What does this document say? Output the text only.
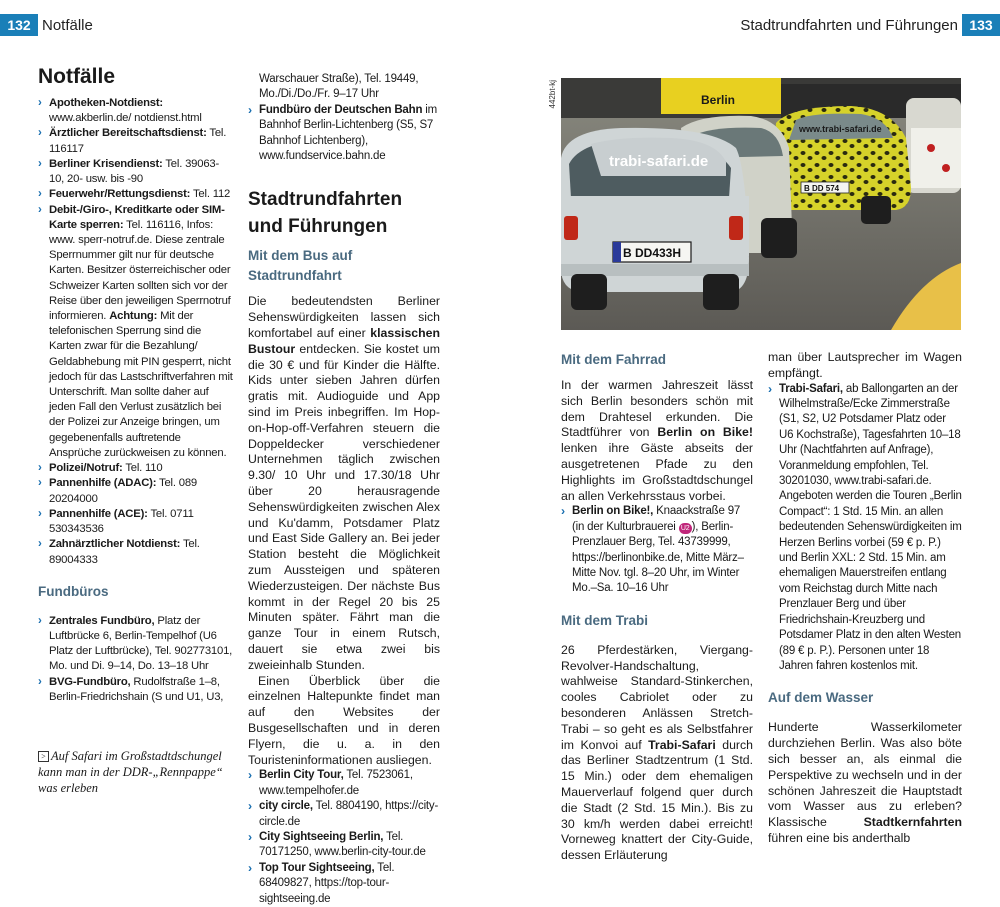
132 Notfälle	Stadtrundfahrten und Führungen 133
Notfälle
› Apotheken-Notdienst: www.akberlin.de/ notdienst.html
› Ärztlicher Bereitschaftsdienst: Tel. 116117
› Berliner Krisendienst: Tel. 39063-10, 20- usw. bis -90
› Feuerwehr/Rettungsdienst: Tel. 112
› Debit-/Giro-, Kreditkarte oder SIM-Karte sperren: Tel. 116116, Infos: www. sperr-notruf.de. Diese zentrale Sperrnummer gilt nur für deutsche Karten. Besitzer österreichischer oder Schweizer Karten sollten sich vor der Reise über den jeweiligen Sperrnotruf informieren. Achtung: Mit der telefonischen Sperrung sind die Karten zwar für die Bezahlung/ Geldabhebung mit PIN gesperrt, nicht jedoch für das Lastschriftverfahren mit Unterschrift. Man sollte daher auf jeden Fall den Verlust zusätzlich bei der Polizei zur Anzeige bringen, um gegebenenfalls auftretende Ansprüche zurückweisen zu können.
› Polizei/Notruf: Tel. 110
› Pannenhilfe (ADAC): Tel. 089 20204000
› Pannenhilfe (ACE): Tel. 0711 530343536
› Zahnärztlicher Notdienst: Tel. 89004333
Fundbüros
› Zentrales Fundbüro, Platz der Luftbrücke 6, Berlin-Tempelhof (U6 Platz der Luftbrücke), Tel. 902773101, Mo. und Di. 9–14, Do. 13–18 Uhr
› BVG-Fundbüro, Rudolfstraße 1–8, Berlin-Friedrichshain (S und U1, U3,
> Auf Safari im Großstadtdschungel kann man in der DDR-„Rennpappe“ was erleben
Warschauer Straße), Tel. 19449, Mo./Di./Do./Fr. 9–17 Uhr
› Fundbüro der Deutschen Bahn im Bahnhof Berlin-Lichtenberg (S5, S7 Bahnhof Lichtenberg), www.fundservice.bahn.de
Stadtrundfahrten und Führungen
Mit dem Bus auf Stadtrundfahrt

Die bedeutendsten Berliner Sehenswürdigkeiten lassen sich komfortabel auf einer klassischen Bustour entdecken. Sie kostet um die 30 € und für Kinder die Hälfte. Kids unter sieben Jahren dürfen gratis mit. Audioguide und App sind im Preis inbegriffen. Im Hop-on-Hop-off-Verfahren steuern die Doppeldecker verschiedener Unternehmen täglich zwischen 9.30/ 10 Uhr und 17.30/18 Uhr über 20 herausragende Sehenswürdigkeiten zwischen Alex und Ku'damm, Potsdamer Platz und East Side Gallery an. Bei jeder Station besteht die Möglichkeit zum Aussteigen und späteren Wiederzusteigen. Der nächste Bus kommt in der Regel 20 bis 25 Minuten später. Fährt man die ganze Tour in einem Rutsch, dauert sie etwa zwei bis zweieinhalb Stunden.

Einen Überblick über die einzelnen Haltepunkte findet man auf den Websites der Busgesellschaften und in deren Flyern, die u. a. in den Touristeninformationen ausliegen.

› Berlin City Tour, Tel. 7523061, www.tempelhofer.de
› city circle, Tel. 8804190, https://city-circle.de
› City Sightseeing Berlin, Tel. 70171250, www.berlin-city-tour.de
› Top Tour Sightseeing, Tel. 68409827, https://top-tour-sightseeing.de
442bt-kj	Berlin
www.trabi-safari.de
B DD 574
trabi-safari.de
B DD433H
Mit dem Fahrrad

In der warmen Jahreszeit lässt sich Berlin besonders schön mit dem Drahtesel erkunden. Die Stadtführer von Berlin on Bike! lenken ihre Gäste abseits der ausgetretenen Pfade zu den Highlights im Großstadtdschungel an allen Verkehrsstaus vorbei.

› Berlin on Bike!, Knaackstraße 97 (in der Kulturbrauerei U2 ), Berlin-Prenzlauer Berg, Tel. 43739999, https://berlinonbike.de, Mitte März–Mitte Nov. tgl. 8–20 Uhr, im Winter Mo.–Sa. 10–16 Uhr
Mit dem Trabi

26 Pferdestärken, Viergang-Revolver-Handschaltung, wahlweise Standard-Stinkerchen, cooles Cabriolet oder zu besonderen Anlässen Stretch-Trabi – so geht es als Selbstfahrer im Konvoi auf Trabi-Safari durch das Berliner Stadtzentrum (1 Std. 15 Min.) oder dem ehemaligen Mauerverlauf folgend quer durch die Stadt (2 Std. 15 Min.). Bis zu 30 km/h werden dabei erreicht! Vorneweg knattert der City-Guide, dessen Erläuterung

man über Lautsprecher im Wagen empfängt.

› Trabi-Safari, ab Ballongarten an der Wilhelmstraße/Ecke Zimmerstraße (S1, S2, U2 Potsdamer Platz oder U6 Kochstraße), Tagesfahrten 10–18 Uhr (Nachtfahrten auf Anfrage), Voranmeldung empfohlen, Tel. 30201030, www.trabi-safari.de. Angeboten werden die Touren „Berlin Compact“: 1 Std. 15 Min. an allen bedeutenden Sehenswürdigkeiten im Herzen Berlins vorbei (59 € p. P.) und Berlin XXL: 2 Std. 15 Min. am ehemaligen Mauerstreifen entlang vom Reichstag durch Mitte nach Prenzlauer Berg und über Friedrichshain-Kreuzberg und Potsdamer Platz in den alten Westen (89 € p. P.). Personen unter 18 Jahren fahren kostenlos mit.
Auf dem Wasser

Hunderte Wasserkilometer durchziehen Berlin. Was also böte sich besser an, als einmal die Perspektive zu wechseln und in der schönen Jahreszeit die Hauptstadt vom Wasser aus zu erleben? Klassische Stadtkernfahrten führen eine bis anderthalb
